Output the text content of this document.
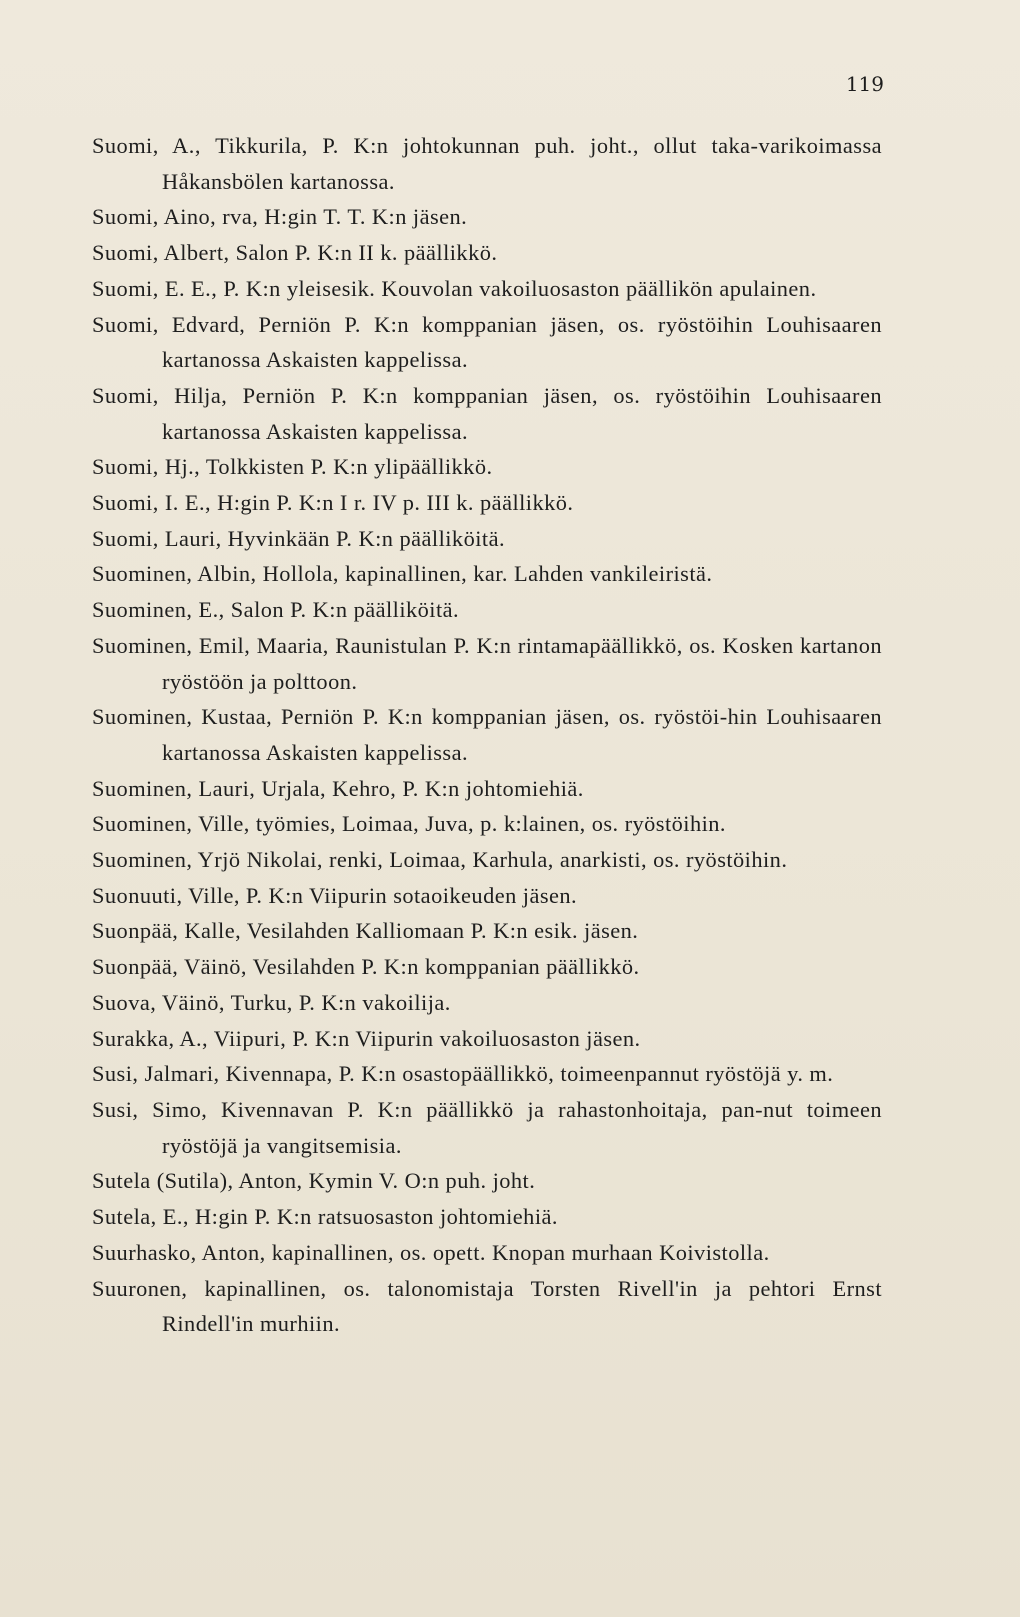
119
Suomi, A., Tikkurila, P. K:n johtokunnan puh. joht., ollut taka-varikoimassa Håkansbölen kartanossa.
Suomi, Aino, rva, H:gin T. T. K:n jäsen.
Suomi, Albert, Salon P. K:n II k. päällikkö.
Suomi, E. E., P. K:n yleisesik. Kouvolan vakoiluosaston päällikön apulainen.
Suomi, Edvard, Perniön P. K:n komppanian jäsen, os. ryöstöihin Louhisaaren kartanossa Askaisten kappelissa.
Suomi, Hilja, Perniön P. K:n komppanian jäsen, os. ryöstöihin Louhisaaren kartanossa Askaisten kappelissa.
Suomi, Hj., Tolkkisten P. K:n ylipäällikkö.
Suomi, I. E., H:gin P. K:n I r. IV p. III k. päällikkö.
Suomi, Lauri, Hyvinkään P. K:n päälliköitä.
Suominen, Albin, Hollola, kapinallinen, kar. Lahden vankileiristä.
Suominen, E., Salon P. K:n päälliköitä.
Suominen, Emil, Maaria, Raunistulan P. K:n rintamapäällikkö, os. Kosken kartanon ryöstöön ja polttoon.
Suominen, Kustaa, Perniön P. K:n komppanian jäsen, os. ryöstöi-hin Louhisaaren kartanossa Askaisten kappelissa.
Suominen, Lauri, Urjala, Kehro, P. K:n johtomiehiä.
Suominen, Ville, työmies, Loimaa, Juva, p. k:lainen, os. ryöstöihin.
Suominen, Yrjö Nikolai, renki, Loimaa, Karhula, anarkisti, os. ryöstöihin.
Suonuuti, Ville, P. K:n Viipurin sotaoikeuden jäsen.
Suonpää, Kalle, Vesilahden Kalliomaan P. K:n esik. jäsen.
Suonpää, Väinö, Vesilahden P. K:n komppanian päällikkö.
Suova, Väinö, Turku, P. K:n vakoilija.
Surakka, A., Viipuri, P. K:n Viipurin vakoiluosaston jäsen.
Susi, Jalmari, Kivennapa, P. K:n osastopäällikkö, toimeenpannut ryöstöjä y. m.
Susi, Simo, Kivennavan P. K:n päällikkö ja rahastonhoitaja, pan-nut toimeen ryöstöjä ja vangitsemisia.
Sutela (Sutila), Anton, Kymin V. O:n puh. joht.
Sutela, E., H:gin P. K:n ratsuosaston johtomiehiä.
Suurhasko, Anton, kapinallinen, os. opett. Knopan murhaan Koivistolla.
Suuronen, kapinallinen, os. talonomistaja Torsten Rivell'in ja pehtori Ernst Rindell'in murhiin.
